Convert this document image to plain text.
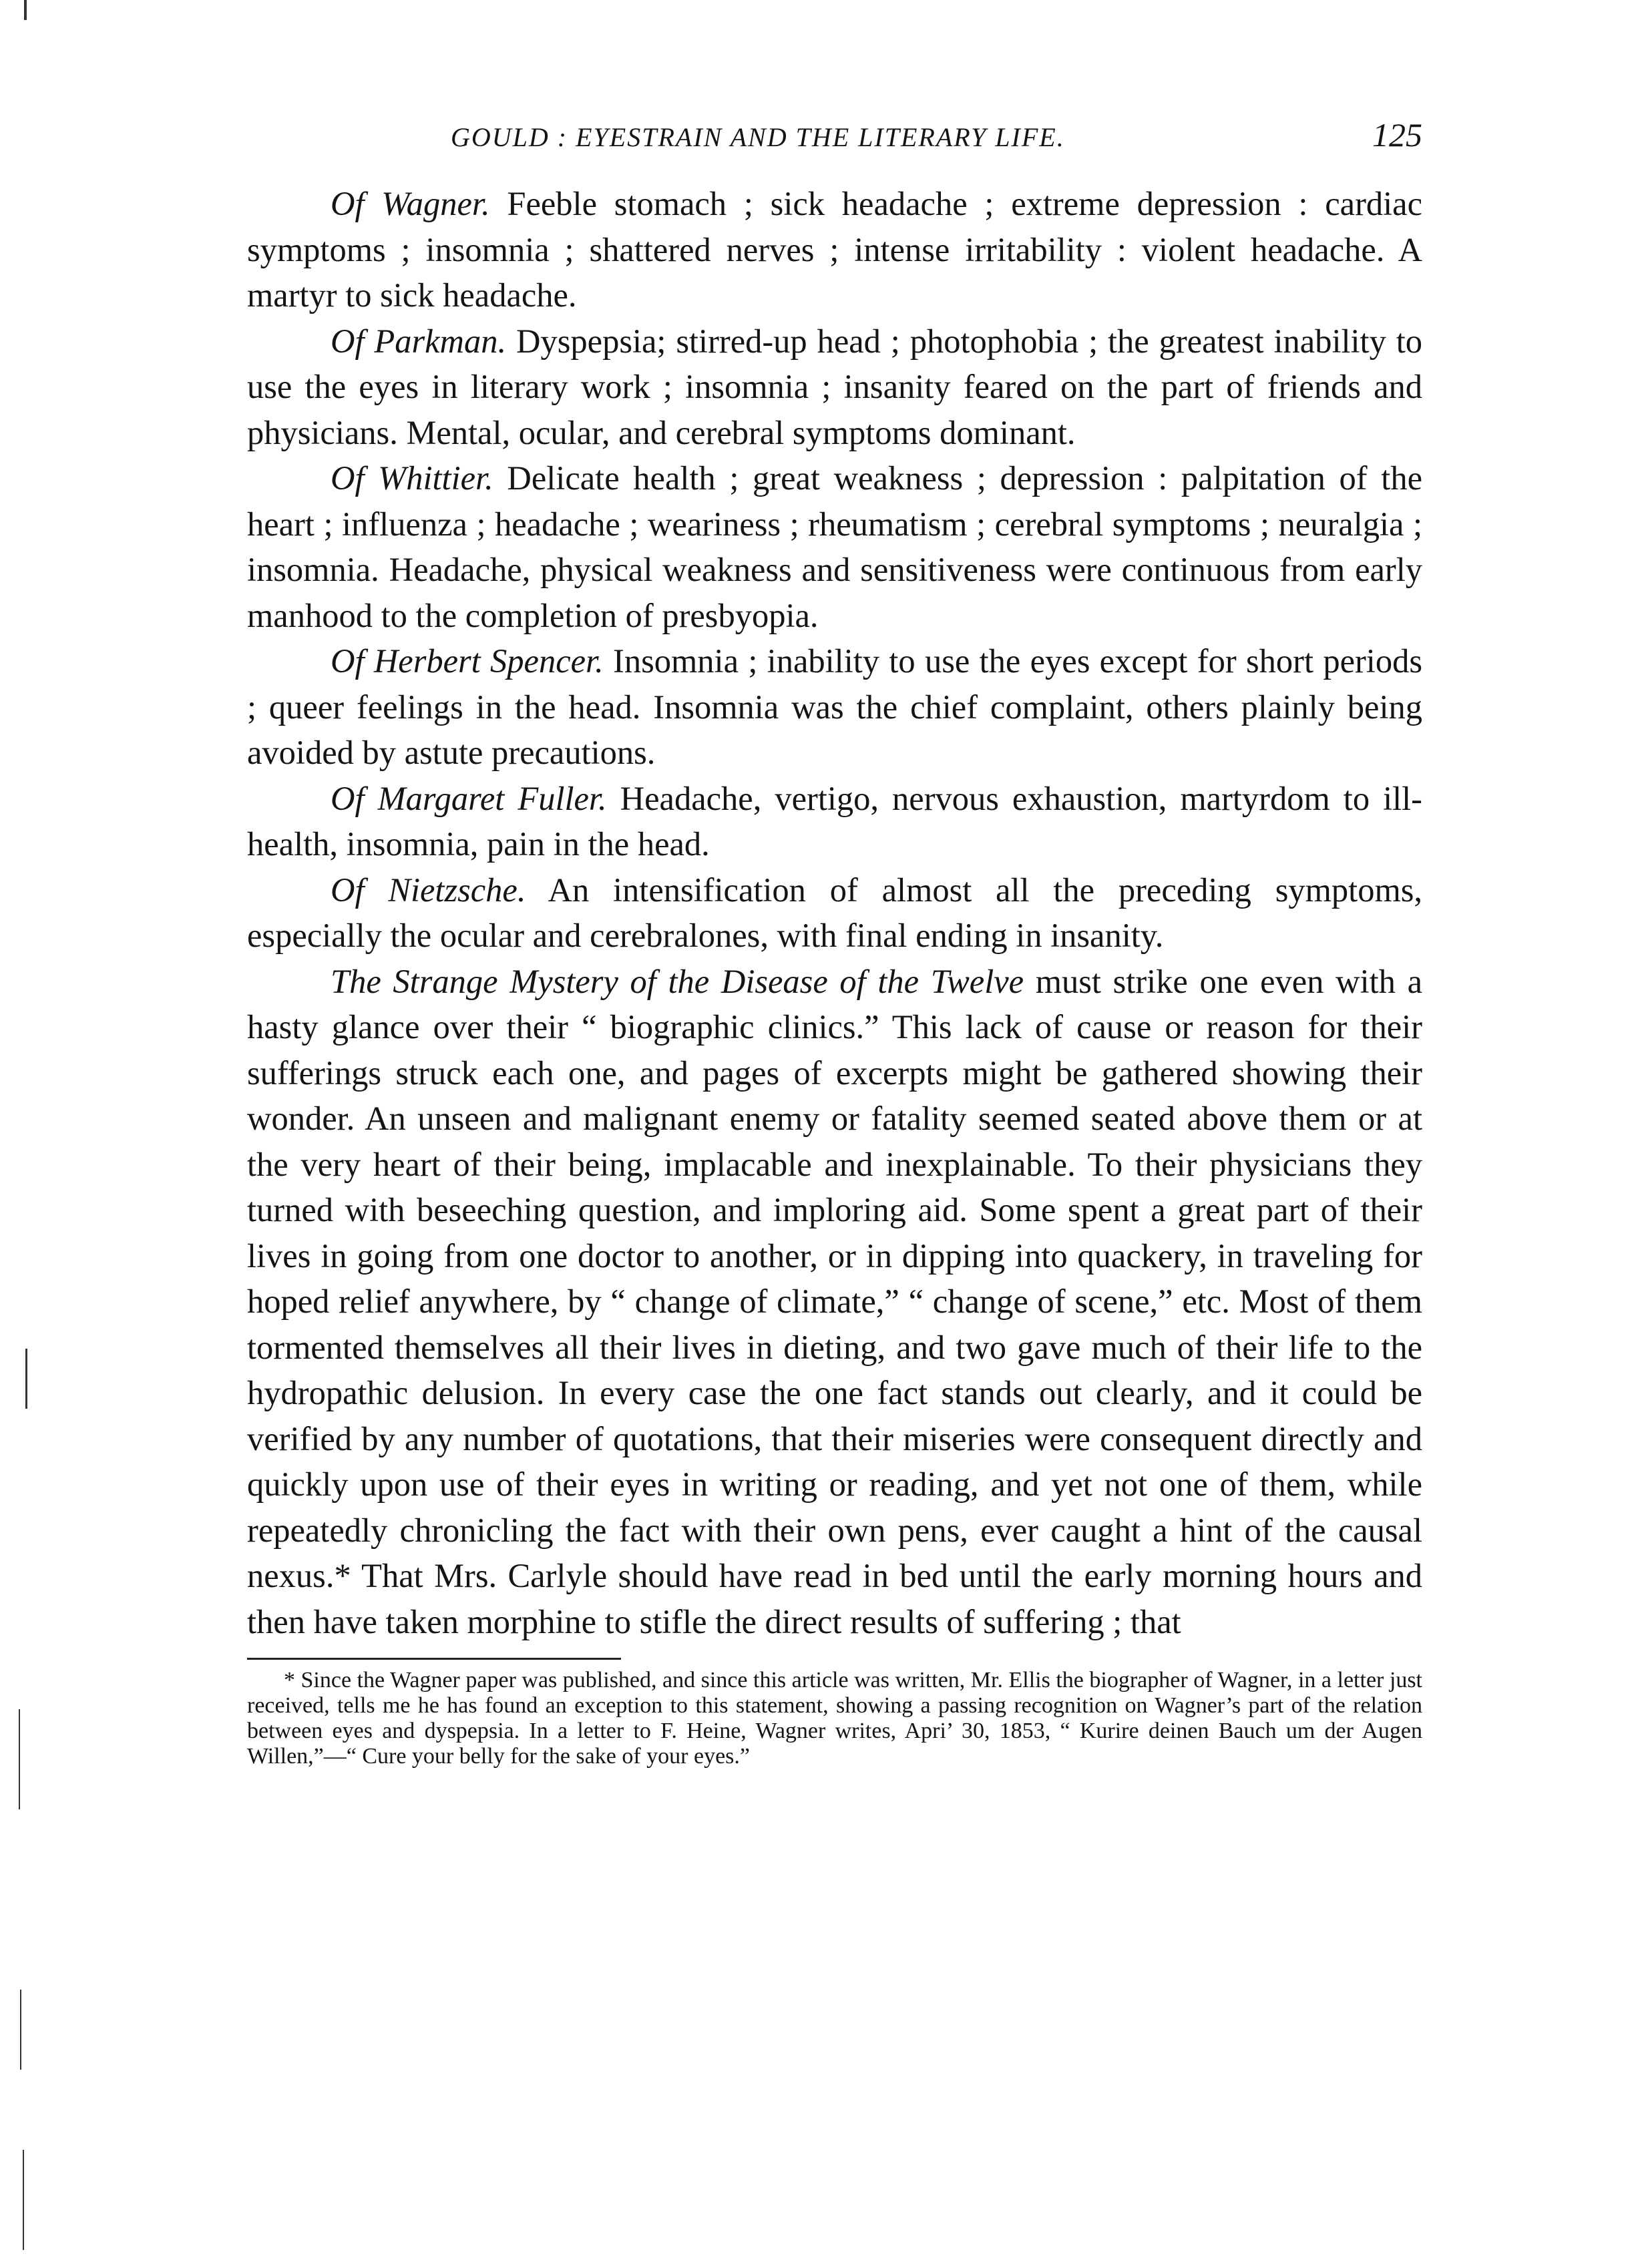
GOULD : EYESTRAIN AND THE LITERARY LIFE.	125

Of Wagner. Feeble stomach ; sick headache ; extreme depression : cardiac symptoms ; insomnia ; shattered nerves ; intense irritability : violent headache. A martyr to sick headache.

Of Parkman. Dyspepsia; stirred-up head ; photophobia ; the greatest inability to use the eyes in literary work ; insomnia ; insanity feared on the part of friends and physicians. Mental, ocular, and cerebral symptoms dominant.

Of Whittier. Delicate health ; great weakness ; depression : palpitation of the heart ; influenza ; headache ; weariness ; rheumatism ; cerebral symptoms ; neuralgia ; insomnia. Headache, physical weakness and sensitiveness were continuous from early manhood to the completion of presbyopia.

Of Herbert Spencer. Insomnia ; inability to use the eyes except for short periods ; queer feelings in the head. Insomnia was the chief complaint, others plainly being avoided by astute precautions.

Of Margaret Fuller. Headache, vertigo, nervous exhaustion, martyrdom to ill-health, insomnia, pain in the head.

Of Nietzsche. An intensification of almost all the preceding symptoms, especially the ocular and cerebralones, with final ending in insanity.

The Strange Mystery of the Disease of the Twelve must strike one even with a hasty glance over their “ biographic clinics.” This lack of cause or reason for their sufferings struck each one, and pages of excerpts might be gathered showing their wonder. An unseen and malignant enemy or fatality seemed seated above them or at the very heart of their being, implacable and inexplainable. To their physicians they turned with beseeching question, and imploring aid. Some spent a great part of their lives in going from one doctor to another, or in dipping into quackery, in traveling for hoped relief anywhere, by “ change of climate,” “ change of scene,” etc. Most of them tormented themselves all their lives in dieting, and two gave much of their life to the hydropathic delusion. In every case the one fact stands out clearly, and it could be verified by any number of quotations, that their miseries were consequent directly and quickly upon use of their eyes in writing or reading, and yet not one of them, while repeatedly chronicling the fact with their own pens, ever caught a hint of the causal nexus.* That Mrs. Carlyle should have read in bed until the early morning hours and then have taken morphine to stifle the direct results of suffering ; that

* Since the Wagner paper was published, and since this article was written, Mr. Ellis the biographer of Wagner, in a letter just received, tells me he has found an exception to this statement, showing a passing recognition on Wagner’s part of the relation between eyes and dyspepsia. In a letter to F. Heine, Wagner writes, Apri’ 30, 1853, “ Kurire deinen Bauch um der Augen Willen,”—“ Cure your belly for the sake of your eyes.”
